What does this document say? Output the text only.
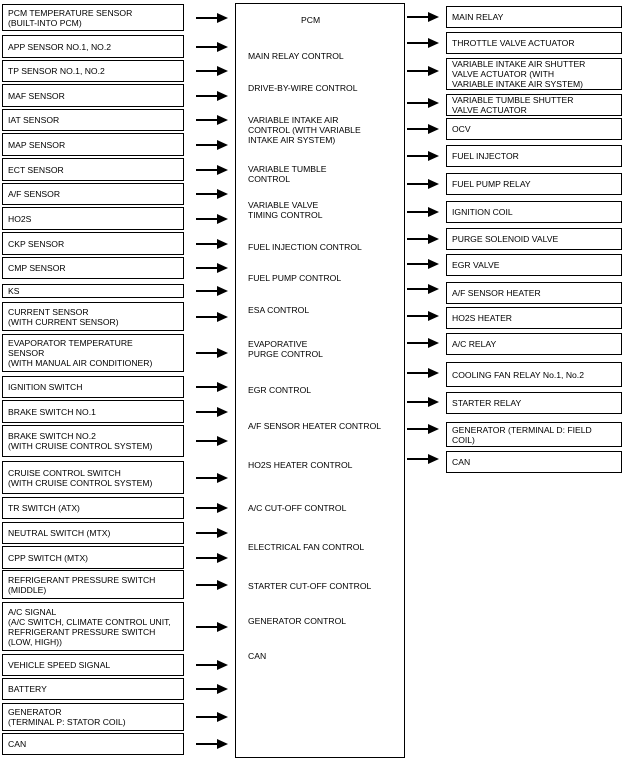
PCM
MAIN RELAY CONTROL
DRIVE-BY-WIRE CONTROL
VARIABLE INTAKE AIR
CONTROL (WITH VARIABLE
INTAKE AIR SYSTEM)
VARIABLE TUMBLE
CONTROL
VARIABLE VALVE
TIMING CONTROL
FUEL INJECTION CONTROL
FUEL PUMP CONTROL
ESA CONTROL
EVAPORATIVE
PURGE CONTROL
EGR CONTROL
A/F SENSOR HEATER CONTROL
HO2S HEATER CONTROL
A/C CUT-OFF CONTROL
ELECTRICAL FAN CONTROL
STARTER CUT-OFF CONTROL
GENERATOR CONTROL
CAN
PCM TEMPERATURE SENSOR
(BUILT-INTO PCM)
APP SENSOR NO.1, NO.2
TP SENSOR NO.1, NO.2
MAF SENSOR
IAT SENSOR
MAP SENSOR
ECT SENSOR
A/F SENSOR
HO2S
CKP SENSOR
CMP SENSOR
KS
CURRENT SENSOR
(WITH CURRENT SENSOR)
EVAPORATOR TEMPERATURE
SENSOR
(WITH MANUAL AIR CONDITIONER)
IGNITION SWITCH
BRAKE SWITCH NO.1
BRAKE SWITCH NO.2
(WITH CRUISE CONTROL SYSTEM)
CRUISE CONTROL SWITCH
(WITH CRUISE CONTROL SYSTEM)
TR SWITCH (ATX)
NEUTRAL SWITCH (MTX)
CPP SWITCH (MTX)
REFRIGERANT PRESSURE SWITCH
(MIDDLE)
A/C SIGNAL
(A/C SWITCH, CLIMATE CONTROL UNIT,
REFRIGERANT PRESSURE SWITCH
(LOW, HIGH))
VEHICLE SPEED SIGNAL
BATTERY
GENERATOR
(TERMINAL P: STATOR COIL)
CAN
MAIN RELAY
THROTTLE VALVE ACTUATOR
VARIABLE INTAKE AIR SHUTTER
VALVE ACTUATOR (WITH
VARIABLE INTAKE AIR SYSTEM)
VARIABLE TUMBLE SHUTTER
VALVE ACTUATOR
OCV
FUEL INJECTOR
FUEL PUMP RELAY
IGNITION COIL
PURGE SOLENOID VALVE
EGR VALVE
A/F SENSOR HEATER
HO2S HEATER
A/C RELAY
COOLING FAN RELAY No.1, No.2
STARTER RELAY
GENERATOR (TERMINAL D: FIELD
COIL)
CAN
